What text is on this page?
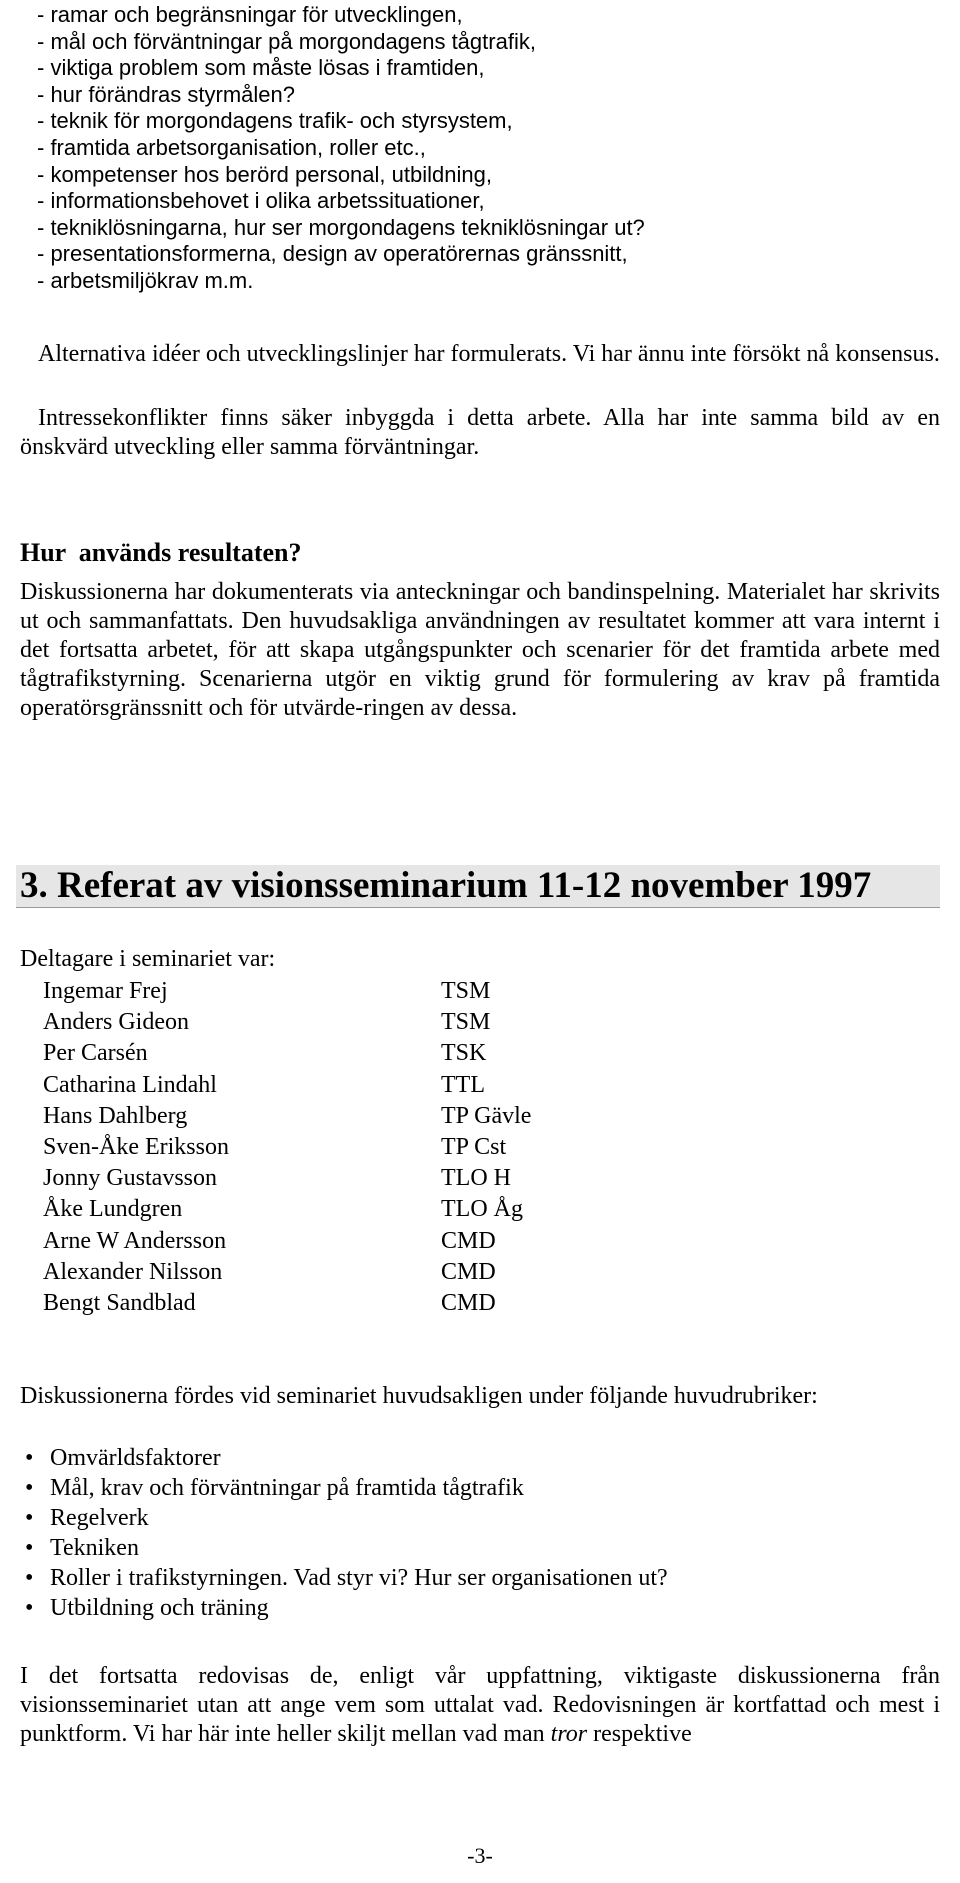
- ramar och begränsningar för utvecklingen,
- mål och förväntningar på morgondagens tågtrafik,
- viktiga problem som måste lösas i framtiden,
- hur förändras styrmålen?
- teknik för morgondagens trafik- och styrsystem,
- framtida arbetsorganisation, roller etc.,
- kompetenser hos berörd personal, utbildning,
- informationsbehovet i olika arbetssituationer,
- tekniklösningarna, hur ser morgondagens tekniklösningar ut?
- presentationsformerna, design av operatörernas gränssnitt,
- arbetsmiljökrav m.m.

Alternativa idéer och utvecklingslinjer har formulerats. Vi har ännu inte försökt nå konsensus.

Intressekonflikter finns säker inbyggda i detta arbete. Alla har inte samma bild av en önskvärd utveckling eller samma förväntningar.

Hur  används resultaten?

Diskussionerna har dokumenterats via anteckningar och bandinspelning. Materialet har skrivits ut och sammanfattats. Den huvudsakliga användningen av resultatet kommer att vara internt i det fortsatta arbetet, för att skapa utgångspunkter och scenarier för det framtida arbete med tågtrafikstyrning. Scenarierna utgör en viktig grund för formulering av krav på framtida operatörsgränssnitt och för utvärde-ringen av dessa.

3. Referat av visionsseminarium 11-12 november 1997
Deltagare i seminariet var:
Ingemar Frej	TSM
Anders Gideon	TSM
Per Carsén	TSK
Catharina Lindahl	TTL
Hans Dahlberg	TP Gävle
Sven-Åke Eriksson	TP Cst
Jonny Gustavsson	TLO H
Åke Lundgren	TLO Åg
Arne W Andersson	CMD
Alexander Nilsson	CMD
Bengt Sandblad	CMD
Diskussionerna fördes vid seminariet huvudsakligen under följande huvudrubriker:
• Omvärldsfaktorer
• Mål, krav och förväntningar på framtida tågtrafik
• Regelverk
• Tekniken
• Roller i trafikstyrningen. Vad styr vi? Hur ser organisationen ut?
• Utbildning och träning

I det fortsatta redovisas de, enligt vår uppfattning, viktigaste diskussionerna från visionsseminariet utan att ange vem som uttalat vad. Redovisningen är kortfattad och mest i punktform. Vi har här inte heller skiljt mellan vad man tror respektive

-3-
